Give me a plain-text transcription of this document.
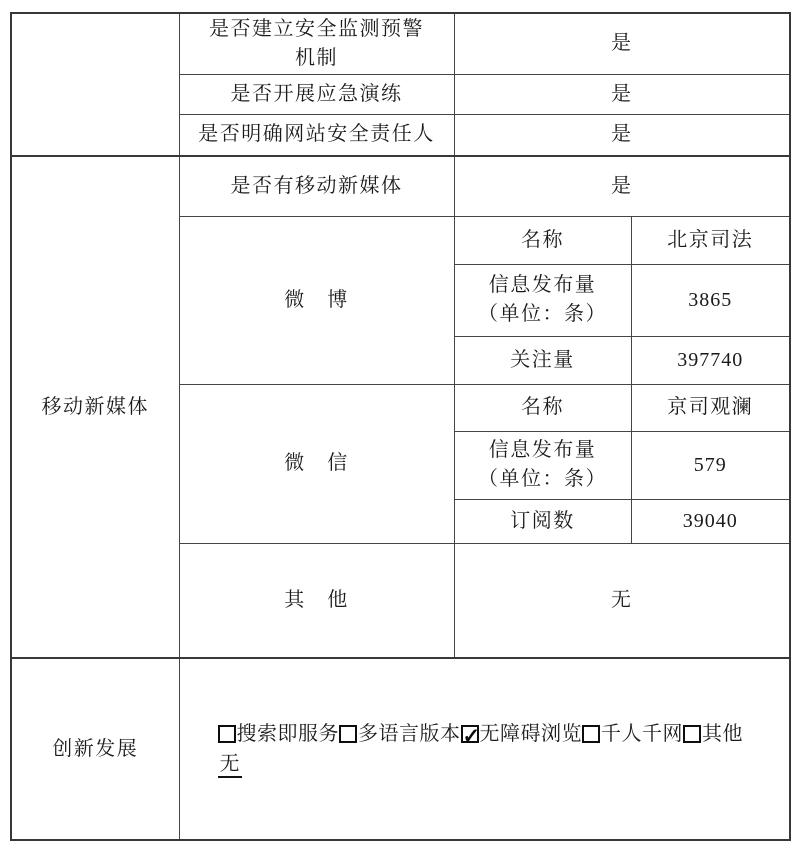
	是否建立安全监测预警
机制	是	
	是否开展应急演练	是	
	是否明确网站安全责任人	是	
移动新媒体	是否有移动新媒体	是	
	微　博	名称	北京司法
		信息发布量
（单位：条）	3865
		关注量	397740
	微　信	名称	京司观澜
		信息发布量
（单位：条）	579
		订阅数	39040
	其　他	无	
创新发展	搜索即服务 多语言版本 ✓ 无障碍浏览 千人千网 其他
无
